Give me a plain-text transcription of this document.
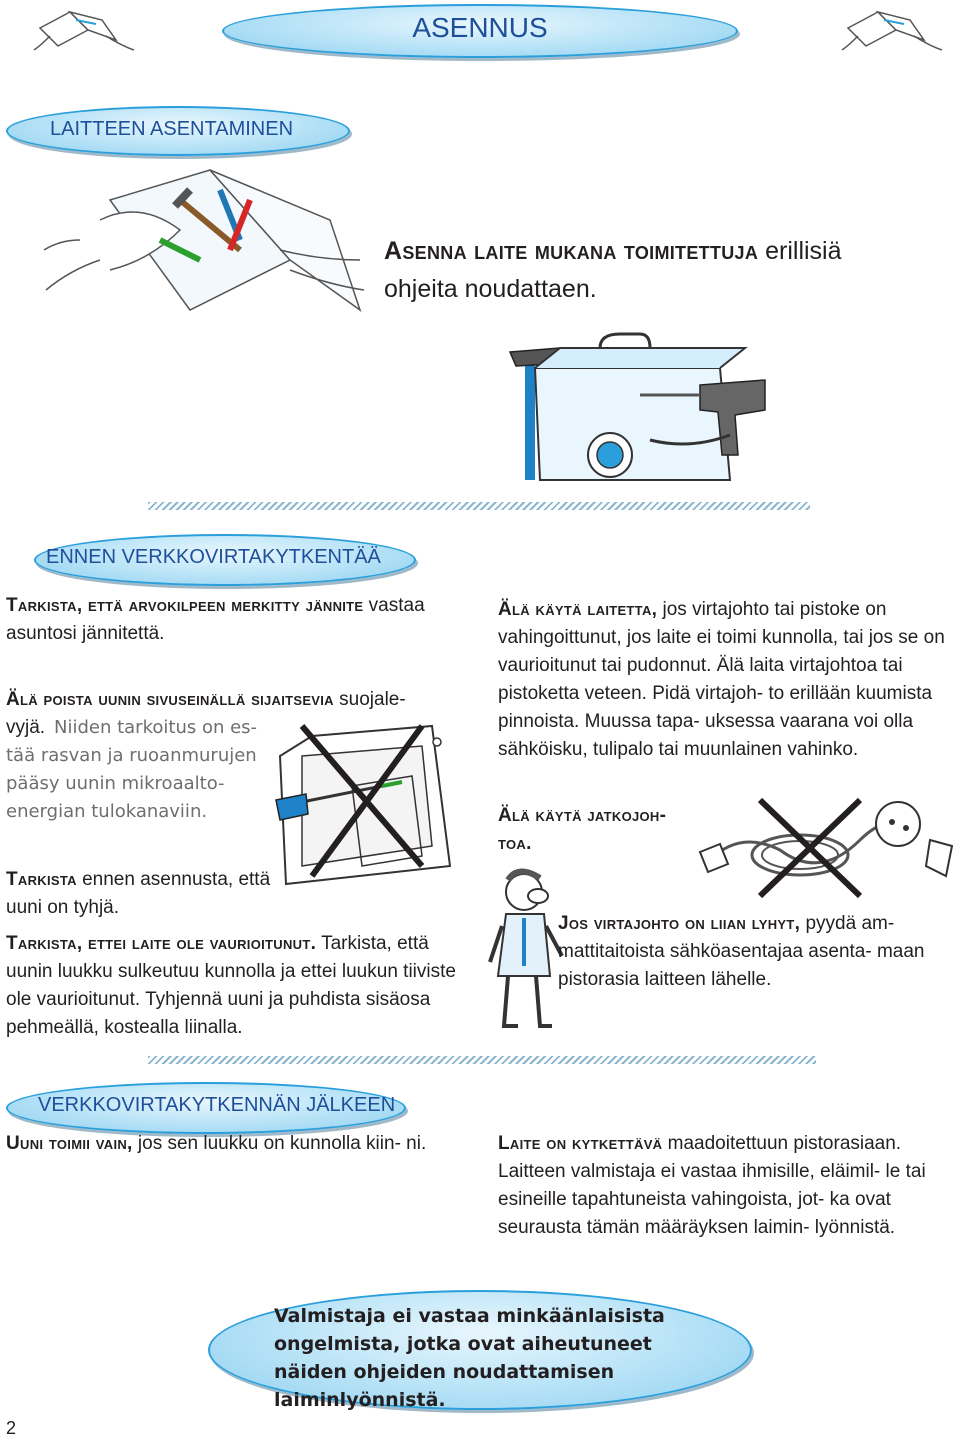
ASENNUS
LAITTEEN ASENTAMINEN
Asenna laite mukana toimitettuja erillisiä ohjeita noudattaen.
ENNEN VERKKOVIRTAKYTKENTÄÄ
Tarkista, että arvokilpeen merkitty jännite vastaa asuntosi jännitettä.
Älä poista uunin sivuseinällä sijaitsevia suojale-
vyjä. Niiden tarkoitus on es- tää rasvan ja ruoanmurujen pääsy uunin mikroaalto- energian tulokanaviin.
Tarkista ennen asennusta, että uuni on tyhjä.
Tarkista, ettei laite ole vaurioitunut. Tarkista, että uunin luukku sulkeutuu kunnolla ja ettei luukun tiiviste ole vaurioitunut. Tyhjennä uuni ja puhdista sisäosa pehmeällä, kostealla liinalla.
Älä käytä laitetta, jos virtajohto tai pistoke on vahingoittunut, jos laite ei toimi kunnolla, tai jos se on vaurioitunut tai pudonnut. Älä laita virtajohtoa tai pistoketta veteen. Pidä virtajoh- to erillään kuumista pinnoista. Muussa tapa- uksessa vaarana voi olla sähköisku, tulipalo tai muunlainen vahinko.
Älä käytä jatkojoh-
toa.
Jos virtajohto on liian lyhyt, pyydä am- mattitaitoista sähköasentajaa asenta- maan pistorasia laitteen lähelle.
VERKKOVIRTAKYTKENNÄN JÄLKEEN
Uuni toimii vain, jos sen luukku on kunnolla kiin- ni.	Laite on kytkettävä maadoitettuun pistorasiaan. Laitteen valmistaja ei vastaa ihmisille, eläimil- le tai esineille tapahtuneista vahingoista, jot- ka ovat seurausta tämän määräyksen laimin- lyönnistä.
Valmistaja ei vastaa minkäänlaisista ongelmista, jotka ovat aiheutuneet näiden ohjeiden noudattamisen laiminlyönnistä.
2
